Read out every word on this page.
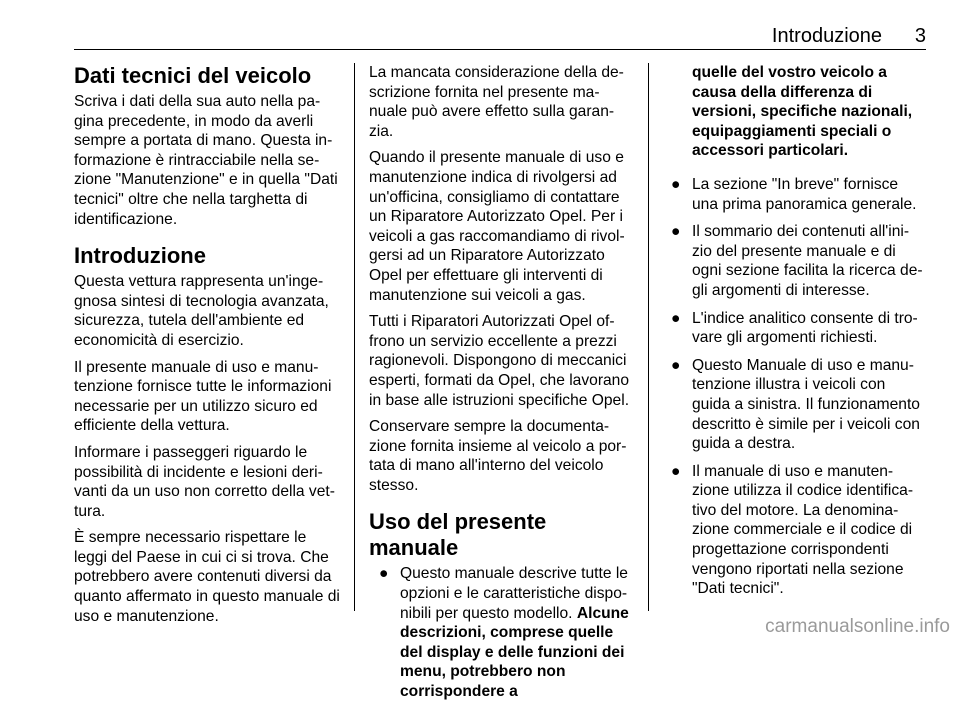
Introduzione 3
Dati tecnici del veicolo

Scriva i dati della sua auto nella pa- gina precedente, in modo da averli sempre a portata di mano. Questa in- formazione è rintracciabile nella se- zione "Manutenzione" e in quella "Dati tecnici" oltre che nella targhetta di identificazione.

Introduzione

Questa vettura rappresenta un'inge- gnosa sintesi di tecnologia avanzata, sicurezza, tutela dell'ambiente ed economicità di esercizio.

Il presente manuale di uso e manu- tenzione fornisce tutte le informazioni necessarie per un utilizzo sicuro ed efficiente della vettura.

Informare i passeggeri riguardo le possibilità di incidente e lesioni deri- vanti da un uso non corretto della vet- tura.

È sempre necessario rispettare le leggi del Paese in cui ci si trova. Che potrebbero avere contenuti diversi da quanto affermato in questo manuale di uso e manutenzione.

La mancata considerazione della de- scrizione fornita nel presente ma- nuale può avere effetto sulla garan- zia.

Quando il presente manuale di uso e manutenzione indica di rivolgersi ad un'officina, consigliamo di contattare un Riparatore Autorizzato Opel. Per i veicoli a gas raccomandiamo di rivol- gersi ad un Riparatore Autorizzato Opel per effettuare gli interventi di manutenzione sui veicoli a gas.

Tutti i Riparatori Autorizzati Opel of- frono un servizio eccellente a prezzi ragionevoli. Dispongono di meccanici esperti, formati da Opel, che lavorano in base alle istruzioni specifiche Opel.

Conservare sempre la documenta- zione fornita insieme al veicolo a por- tata di mano all'interno del veicolo stesso.

Uso del presente manuale
● Questo manuale descrive tutte le opzioni e le caratteristiche dispo- nibili per questo modello. Alcune descrizioni, comprese quelle del display e delle funzioni dei menu, potrebbero non corrispondere a
quelle del vostro veicolo a causa della differenza di versioni, specifiche nazionali, equipaggiamenti speciali o accessori particolari.
● La sezione "In breve" fornisce una prima panoramica generale.
● Il sommario dei contenuti all'ini- zio del presente manuale e di ogni sezione facilita la ricerca de- gli argomenti di interesse.
● L'indice analitico consente di tro- vare gli argomenti richiesti.
● Questo Manuale di uso e manu- tenzione illustra i veicoli con guida a sinistra. Il funzionamento descritto è simile per i veicoli con guida a destra.
● Il manuale di uso e manuten- zione utilizza il codice identifica- tivo del motore. La denomina- zione commerciale e il codice di progettazione corrispondenti vengono riportati nella sezione "Dati tecnici".
carmanualsonline.info
